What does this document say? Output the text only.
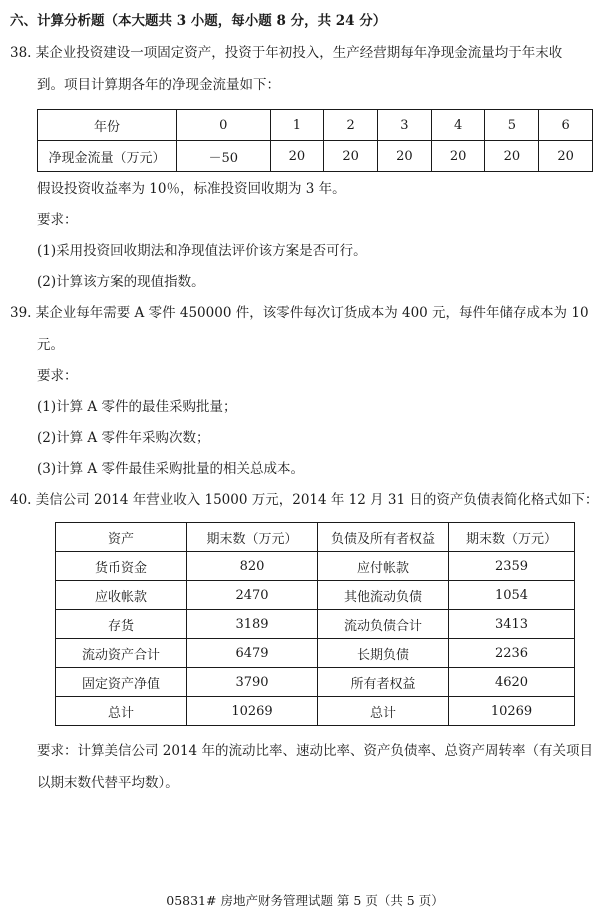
六、计算分析题（本大题共 3 小题，每小题 8 分，共 24 分）
38. 某企业投资建设一项固定资产，投资于年初投入，生产经营期每年净现金流量均于年末收
到。项目计算期各年的净现金流量如下：
年份	0	1	2	3	4	5	6
净现金流量（万元）	－50	20	20	20	20	20	20
假设投资收益率为 10％，标准投资回收期为 3 年。
要求：
(1)采用投资回收期法和净现值法评价该方案是否可行。
(2)计算该方案的现值指数。
39. 某企业每年需要 A 零件 450000 件，该零件每次订货成本为 400 元，每件年储存成本为 10
元。
要求：
(1)计算 A 零件的最佳采购批量；
(2)计算 A 零件年采购次数；
(3)计算 A 零件最佳采购批量的相关总成本。
40. 美信公司 2014 年营业收入 15000 万元，2014 年 12 月 31 日的资产负债表简化格式如下：
资产	期末数（万元）	负债及所有者权益	期末数（万元）
货币资金	820	应付帐款	2359
应收帐款	2470	其他流动负债	1054
存货	3189	流动负债合计	3413
流动资产合计	6479	长期负债	2236
固定资产净值	3790	所有者权益	4620
总计	10269	总计	10269
要求：计算美信公司 2014 年的流动比率、速动比率、资产负债率、总资产周转率（有关项目
以期末数代替平均数）。
05831# 房地产财务管理试题 第 5 页（共 5 页）
